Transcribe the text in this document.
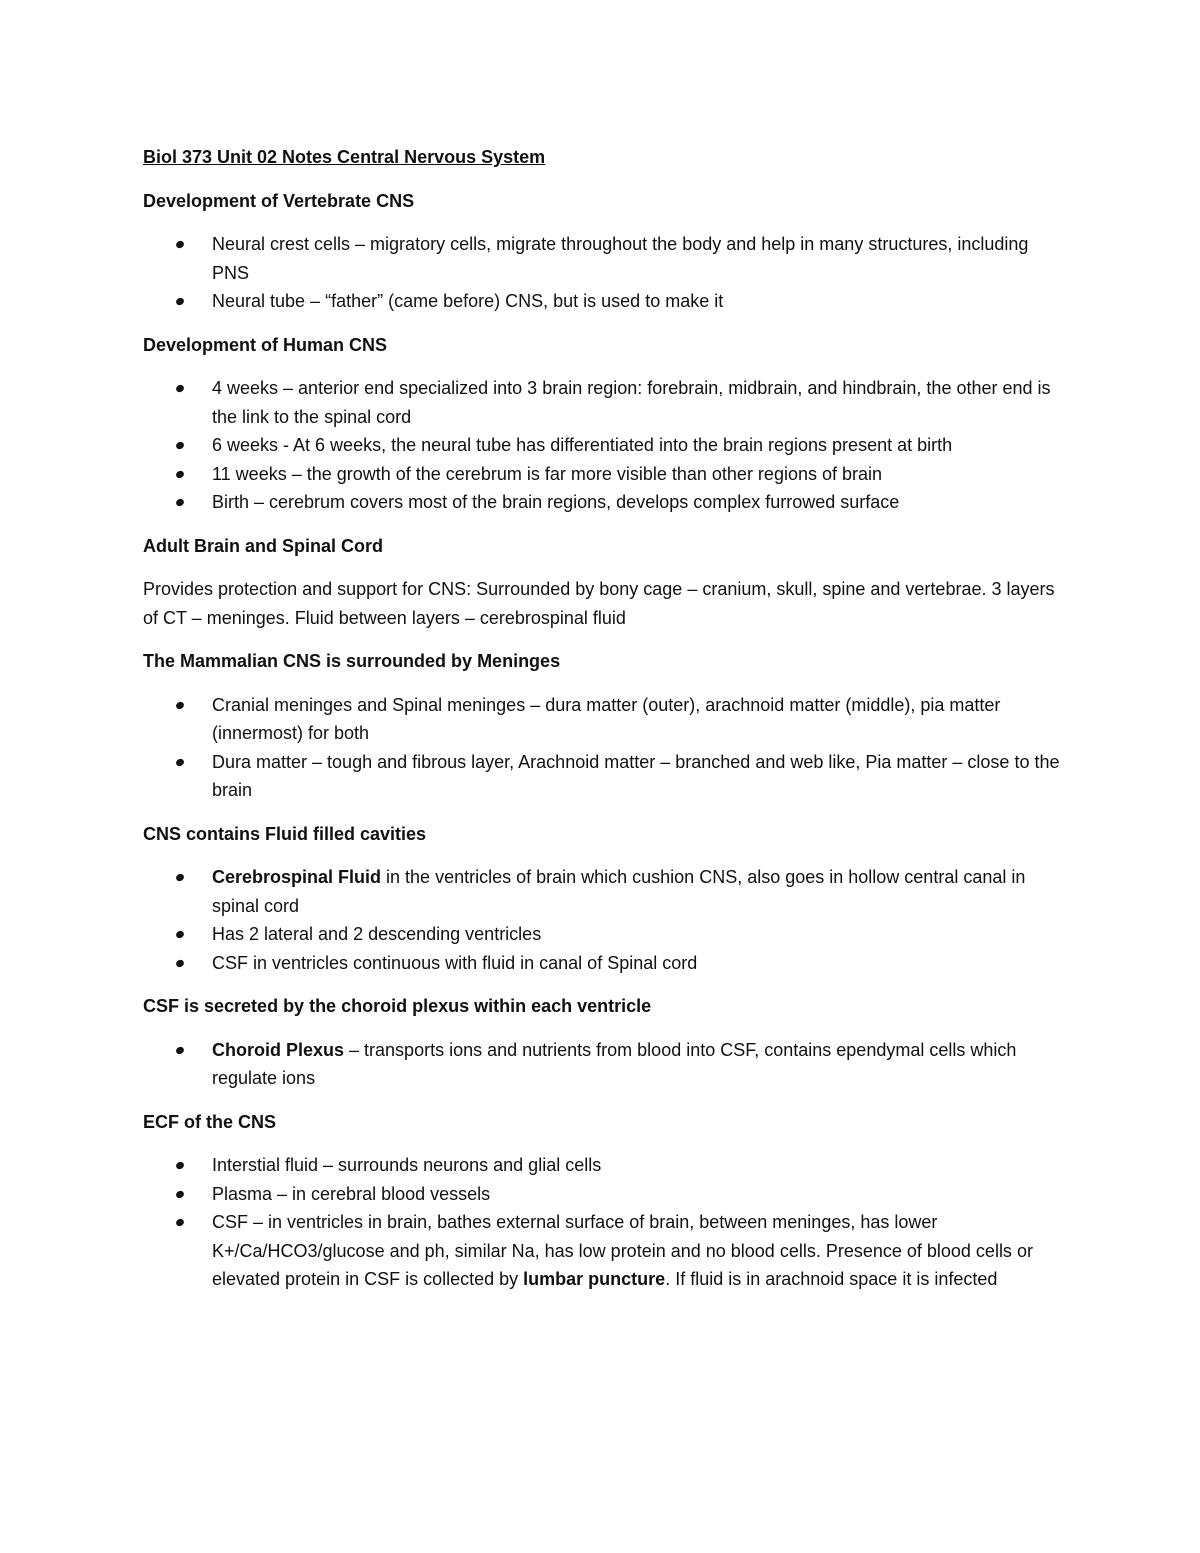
Biol 373 Unit 02 Notes Central Nervous System
Development of Vertebrate CNS
Neural crest cells – migratory cells, migrate throughout the body and help in many structures, including PNS
Neural tube – “father” (came before) CNS, but is used to make it
Development of Human CNS
4 weeks – anterior end specialized into 3 brain region: forebrain, midbrain, and hindbrain, the other end is the link to the spinal cord
6 weeks - At 6 weeks, the neural tube has differentiated into the brain regions present at birth
11 weeks – the growth of the cerebrum is far more visible than other regions of brain
Birth – cerebrum covers most of the brain regions, develops complex furrowed surface
Adult Brain and Spinal Cord
Provides protection and support for CNS: Surrounded by bony cage – cranium, skull, spine and vertebrae. 3 layers of CT – meninges. Fluid between layers – cerebrospinal fluid
The Mammalian CNS is surrounded by Meninges
Cranial meninges and Spinal meninges – dura matter (outer), arachnoid matter (middle), pia matter (innermost) for both
Dura matter – tough and fibrous layer, Arachnoid matter – branched and web like, Pia matter – close to the brain
CNS contains Fluid filled cavities
Cerebrospinal Fluid in the ventricles of brain which cushion CNS, also goes in hollow central canal in spinal cord
Has 2 lateral and 2 descending ventricles
CSF in ventricles continuous with fluid in canal of Spinal cord
CSF is secreted by the choroid plexus within each ventricle
Choroid Plexus – transports ions and nutrients from blood into CSF, contains ependymal cells which regulate ions
ECF of the CNS
Interstial fluid – surrounds neurons and glial cells
Plasma – in cerebral blood vessels
CSF – in ventricles in brain, bathes external surface of brain, between meninges, has lower K+/Ca/HCO3/glucose and ph, similar Na, has low protein and no blood cells. Presence of blood cells or elevated protein in CSF is collected by lumbar puncture. If fluid is in arachnoid space it is infected
